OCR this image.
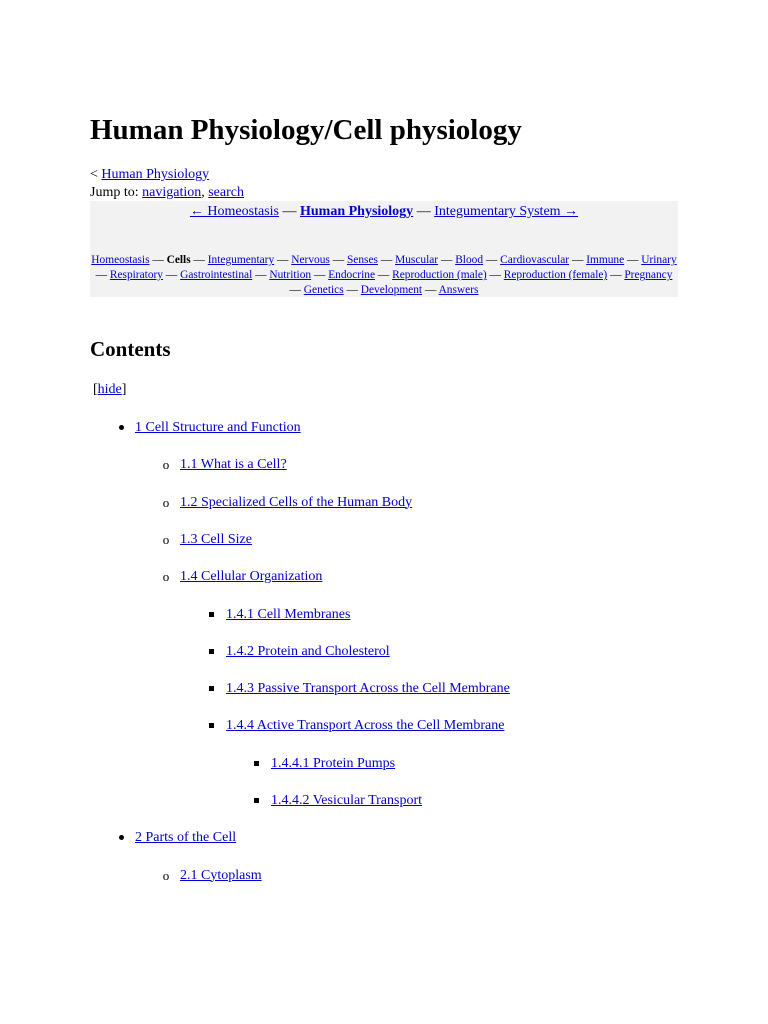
Human Physiology/Cell physiology
< Human Physiology
Jump to: navigation, search
← Homeostasis — Human Physiology — Integumentary System →
Homeostasis — Cells — Integumentary — Nervous — Senses — Muscular — Blood — Cardiovascular — Immune — Urinary — Respiratory — Gastrointestinal — Nutrition — Endocrine — Reproduction (male) — Reproduction (female) — Pregnancy — Genetics — Development — Answers
Contents
[hide]
1 Cell Structure and Function
o
1.1 What is a Cell?
o
1.2 Specialized Cells of the Human Body
o
1.3 Cell Size
o
1.4 Cellular Organization
1.4.1 Cell Membranes
1.4.2 Protein and Cholesterol
1.4.3 Passive Transport Across the Cell Membrane
1.4.4 Active Transport Across the Cell Membrane
1.4.4.1 Protein Pumps
1.4.4.2 Vesicular Transport
2 Parts of the Cell
o
2.1 Cytoplasm
